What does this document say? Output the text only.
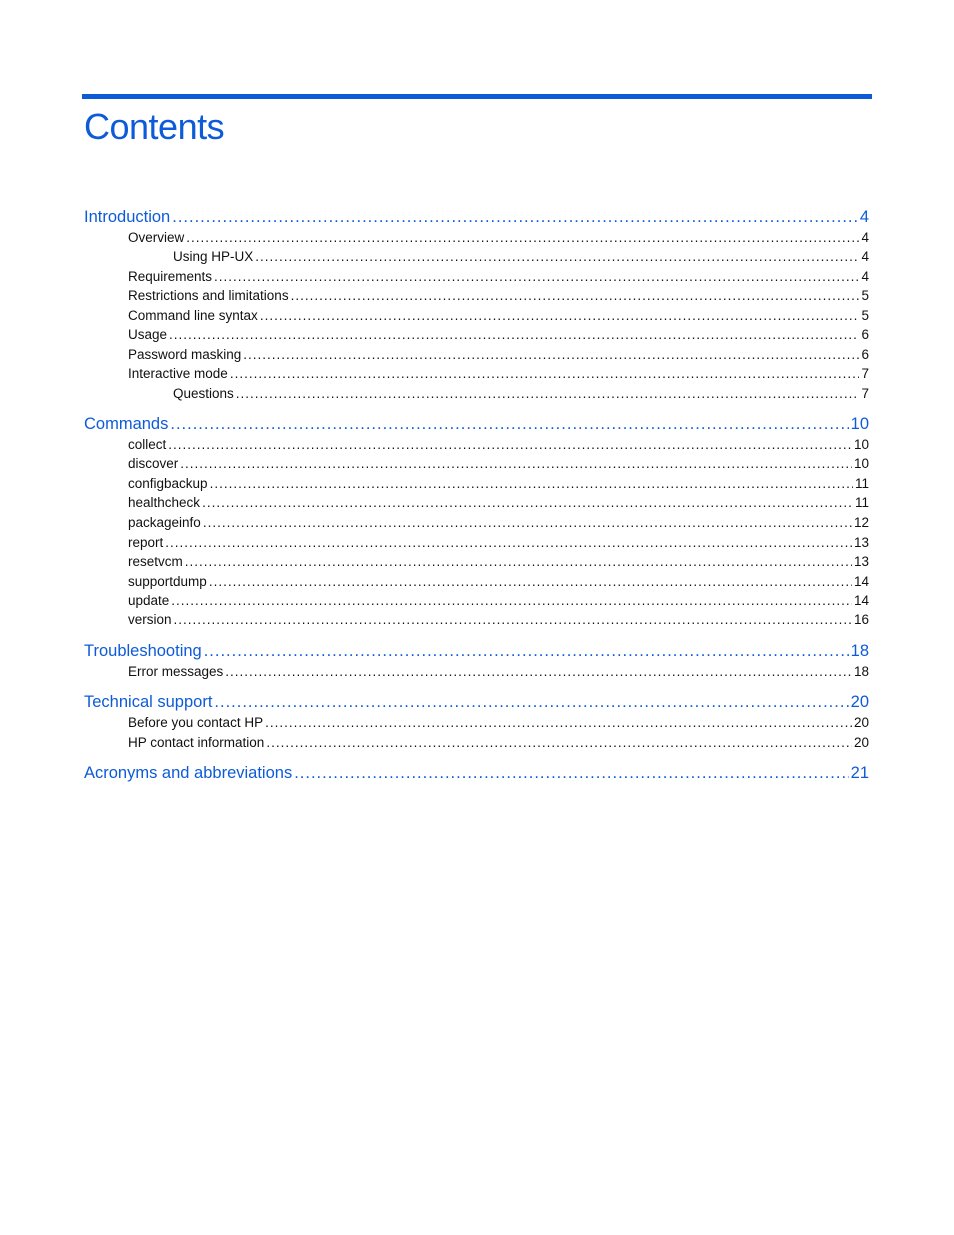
Contents
Introduction .....	4
Overview .....	4
Using HP-UX .....	4
Requirements .....	4
Restrictions and limitations .....	5
Command line syntax .....	5
Usage .....	6
Password masking .....	6
Interactive mode .....	7
Questions .....	7
Commands .....	10
collect .....	10
discover .....	10
configbackup .....	11
healthcheck .....	11
packageinfo .....	12
report .....	13
resetvcm .....	13
supportdump .....	14
update .....	14
version .....	16
Troubleshooting .....	18
Error messages .....	18
Technical support .....	20
Before you contact HP .....	20
HP contact information .....	20
Acronyms and abbreviations .....	21
